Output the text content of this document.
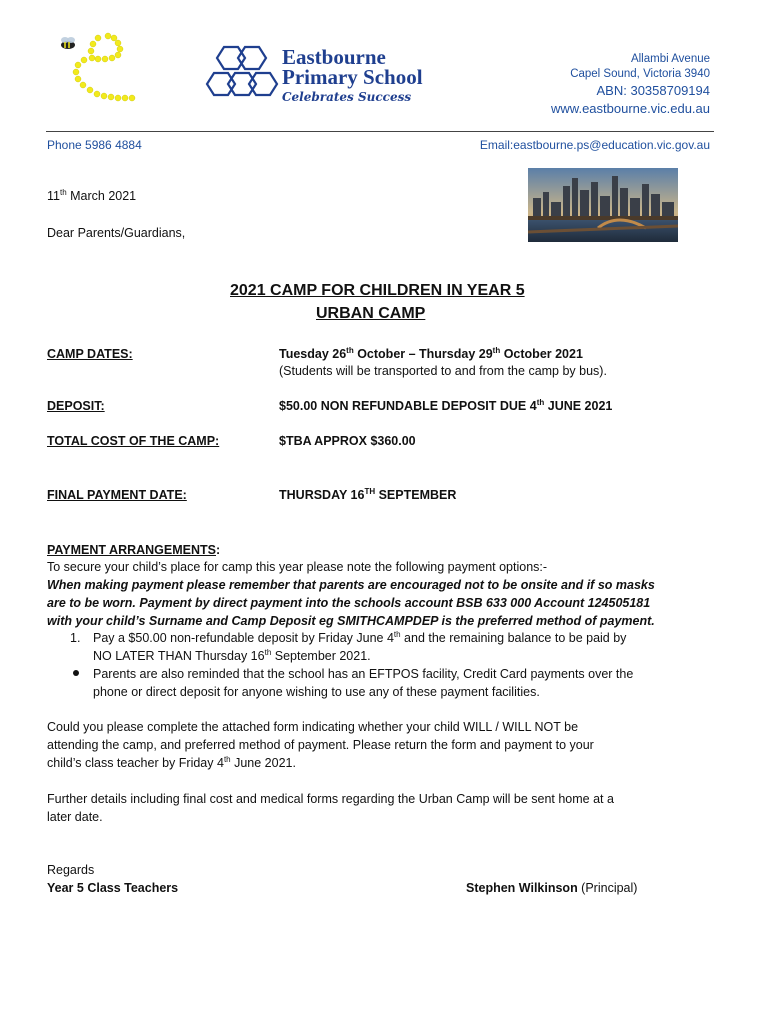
Eastbourne
Primary School
Celebrates Success
Allambi Avenue
Capel Sound, Victoria 3940
ABN: 30358709194
www.eastbourne.vic.edu.au
Phone 5986 4884	Email:eastbourne.ps@education.vic.gov.au
11th March 2021
Dear Parents/Guardians,
2021 CAMP FOR CHILDREN IN YEAR 5
URBAN CAMP
CAMP DATES:	Tuesday 26th October – Thursday 29th October 2021
(Students will be transported to and from the camp by bus).
DEPOSIT:	$50.00 NON REFUNDABLE DEPOSIT DUE 4th JUNE 2021
TOTAL COST OF THE CAMP:	$TBA APPROX $360.00
FINAL PAYMENT DATE:	THURSDAY 16TH SEPTEMBER
PAYMENT ARRANGEMENTS:
To secure your child’s place for camp this year please note the following payment options:-
When making payment please remember that parents are encouraged not to be onsite and if so masks
are to be worn. Payment by direct payment into the schools account BSB 633 000 Account 124505181
with your child’s Surname and Camp Deposit eg SMITHCAMPDEP is the preferred method of payment.
1. Pay a $50.00 non-refundable deposit by Friday June 4th and the remaining balance to be paid by
NO LATER THAN Thursday 16th September 2021.
Parents are also reminded that the school has an EFTPOS facility, Credit Card payments over the
phone or direct deposit for anyone wishing to use any of these payment facilities.
Could you please complete the attached form indicating whether your child WILL / WILL NOT be
attending the camp, and preferred method of payment. Please return the form and payment to your
child’s class teacher by Friday 4th June 2021.
Further details including final cost and medical forms regarding the Urban Camp will be sent home at a
later date.
Regards
Year 5 Class Teachers	Stephen Wilkinson (Principal)
